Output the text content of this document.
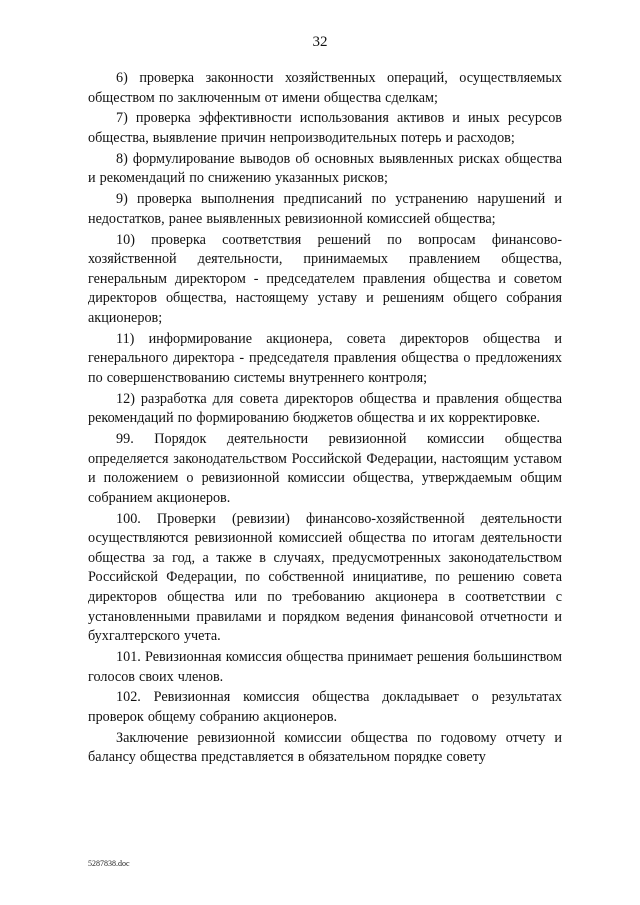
32

6) проверка законности хозяйственных операций, осуществляемых обществом по заключенным от имени общества сделкам;

7) проверка эффективности использования активов и иных ресурсов общества, выявление причин непроизводительных потерь и расходов;

8) формулирование выводов об основных выявленных рисках общества и рекомендаций по снижению указанных рисков;

9) проверка выполнения предписаний по устранению нарушений и недостатков, ранее выявленных ревизионной комиссией общества;

10) проверка соответствия решений по вопросам финансово-хозяйственной деятельности, принимаемых правлением общества, генеральным директором - председателем правления общества и советом директоров общества, настоящему уставу и решениям общего собрания акционеров;

11) информирование акционера, совета директоров общества и генерального директора - председателя правления общества о предложениях по совершенствованию системы внутреннего контроля;

12) разработка для совета директоров общества и правления общества рекомендаций по формированию бюджетов общества и их корректировке.

99. Порядок деятельности ревизионной комиссии общества определяется законодательством Российской Федерации, настоящим уставом и положением о ревизионной комиссии общества, утверждаемым общим собранием акционеров.

100. Проверки (ревизии) финансово-хозяйственной деятельности осуществляются ревизионной комиссией общества по итогам деятельности общества за год, а также в случаях, предусмотренных законодательством Российской Федерации, по собственной инициативе, по решению совета директоров общества или по требованию акционера в соответствии с установленными правилами и порядком ведения финансовой отчетности и бухгалтерского учета.

101. Ревизионная комиссия общества принимает решения большинством голосов своих членов.

102. Ревизионная комиссия общества докладывает о результатах проверок общему собранию акционеров.

Заключение ревизионной комиссии общества по годовому отчету и балансу общества представляется в обязательном порядке совету

5287838.doc
